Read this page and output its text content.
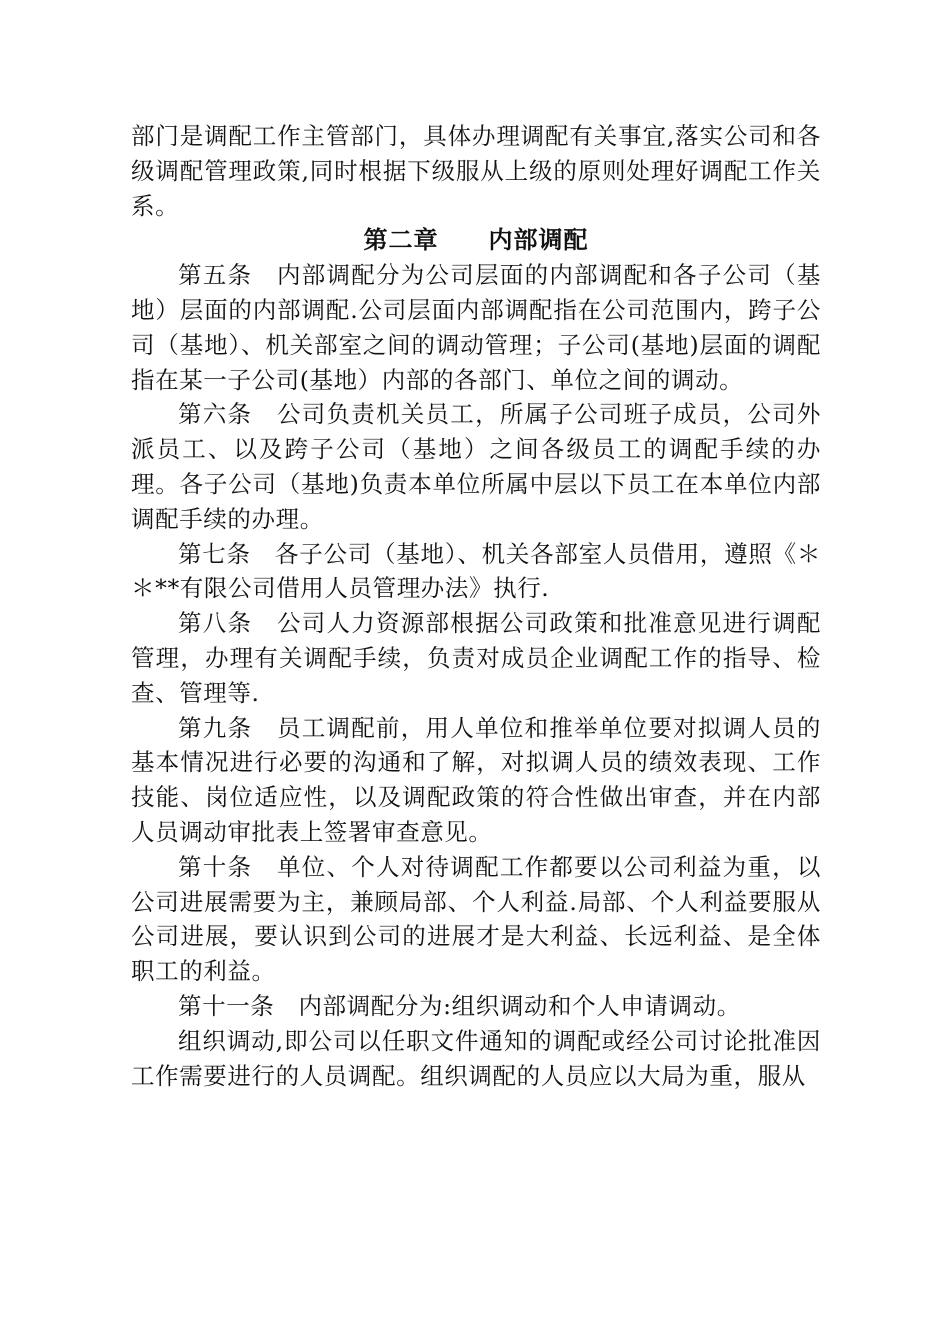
部门是调配工作主管部门，具体办理调配有关事宜,落实公司和各级调配管理政策,同时根据下级服从上级的原则处理好调配工作关系。

第二章　　内部调配

第五条　内部调配分为公司层面的内部调配和各子公司（基地）层面的内部调配.公司层面内部调配指在公司范围内，跨子公司（基地）、机关部室之间的调动管理；子公司(基地)层面的调配指在某一子公司(基地）内部的各部门、单位之间的调动。

第六条　公司负责机关员工，所属子公司班子成员，公司外派员工、以及跨子公司（基地）之间各级员工的调配手续的办理。各子公司（基地)负责本单位所属中层以下员工在本单位内部调配手续的办理。

第七条　各子公司（基地）、机关各部室人员借用，遵照《＊＊**有限公司借用人员管理办法》执行.

第八条　公司人力资源部根据公司政策和批准意见进行调配管理，办理有关调配手续，负责对成员企业调配工作的指导、检查、管理等.

第九条　员工调配前，用人单位和推举单位要对拟调人员的基本情况进行必要的沟通和了解，对拟调人员的绩效表现、工作技能、岗位适应性，以及调配政策的符合性做出审查，并在内部人员调动审批表上签署审查意见。

第十条　单位、个人对待调配工作都要以公司利益为重，以公司进展需要为主，兼顾局部、个人利益.局部、个人利益要服从公司进展，要认识到公司的进展才是大利益、长远利益、是全体职工的利益。

第十一条　内部调配分为:组织调动和个人申请调动。

组织调动,即公司以任职文件通知的调配或经公司讨论批准因工作需要进行的人员调配。组织调配的人员应以大局为重，服从
